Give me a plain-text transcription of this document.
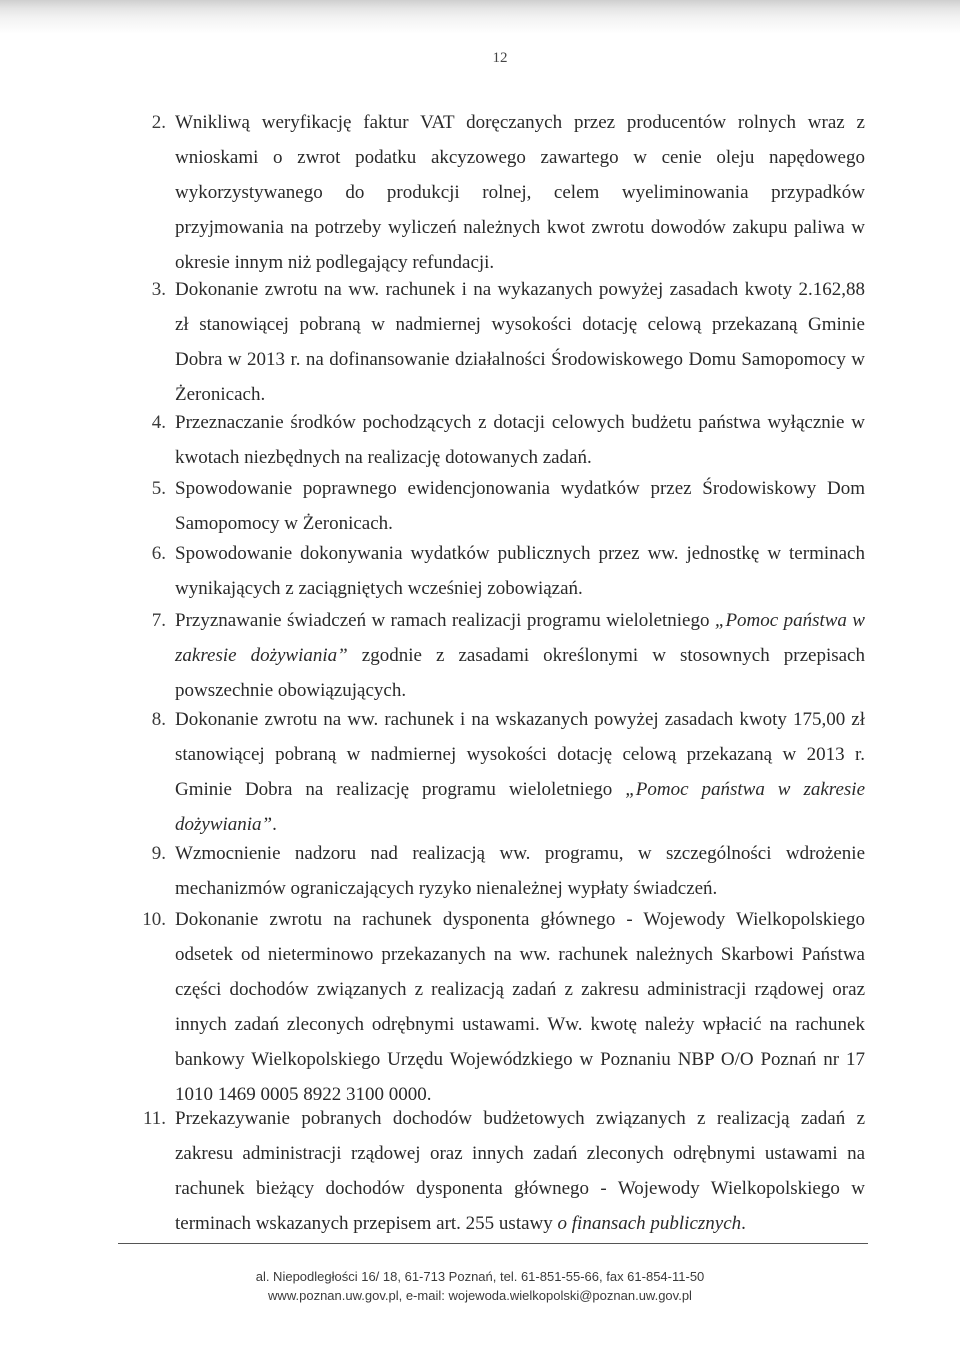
12
2. Wnikliwą weryfikację faktur VAT doręczanych przez producentów rolnych wraz z wnioskami o zwrot podatku akcyzowego zawartego w cenie oleju napędowego wykorzystywanego do produkcji rolnej, celem wyeliminowania przypadków przyjmowania na potrzeby wyliczeń należnych kwot zwrotu dowodów zakupu paliwa w okresie innym niż podlegający refundacji.
3. Dokonanie zwrotu na ww. rachunek i na wykazanych powyżej zasadach kwoty 2.162,88 zł stanowiącej pobraną w nadmiernej wysokości dotację celową przekazaną Gminie Dobra w 2013 r. na dofinansowanie działalności Środowiskowego Domu Samopomocy w Żeronicach.
4. Przeznaczanie środków pochodzących z dotacji celowych budżetu państwa wyłącznie w kwotach niezbędnych na realizację dotowanych zadań.
5. Spowodowanie poprawnego ewidencjonowania wydatków przez Środowiskowy Dom Samopomocy w Żeronicach.
6. Spowodowanie dokonywania wydatków publicznych przez ww. jednostkę w terminach wynikających z zaciągniętych wcześniej zobowiązań.
7. Przyznawanie świadczeń w ramach realizacji programu wieloletniego „Pomoc państwa w zakresie dożywiania” zgodnie z zasadami określonymi w stosownych przepisach powszechnie obowiązujących.
8. Dokonanie zwrotu na ww. rachunek i na wskazanych powyżej zasadach kwoty 175,00 zł stanowiącej pobraną w nadmiernej wysokości dotację celową przekazaną w 2013 r. Gminie Dobra na realizację programu wieloletniego „Pomoc państwa w zakresie dożywiania”.
9. Wzmocnienie nadzoru nad realizacją ww. programu, w szczególności wdrożenie mechanizmów ograniczających ryzyko nienależnej wypłaty świadczeń.
10. Dokonanie zwrotu na rachunek dysponenta głównego - Wojewody Wielkopolskiego odsetek od nieterminowo przekazanych na ww. rachunek należnych Skarbowi Państwa części dochodów związanych z realizacją zadań z zakresu administracji rządowej oraz innych zadań zleconych odrębnymi ustawami. Ww. kwotę należy wpłacić na rachunek bankowy Wielkopolskiego Urzędu Wojewódzkiego w Poznaniu NBP O/O Poznań nr 17 1010 1469 0005 8922 3100 0000.
11. Przekazywanie pobranych dochodów budżetowych związanych z realizacją zadań z zakresu administracji rządowej oraz innych zadań zleconych odrębnymi ustawami na rachunek bieżący dochodów dysponenta głównego - Wojewody Wielkopolskiego w terminach wskazanych przepisem art. 255 ustawy o finansach publicznych.
al. Niepodległości 16/ 18, 61-713 Poznań, tel. 61-851-55-66, fax 61-854-11-50
www.poznan.uw.gov.pl, e-mail: wojewoda.wielkopolski@poznan.uw.gov.pl
